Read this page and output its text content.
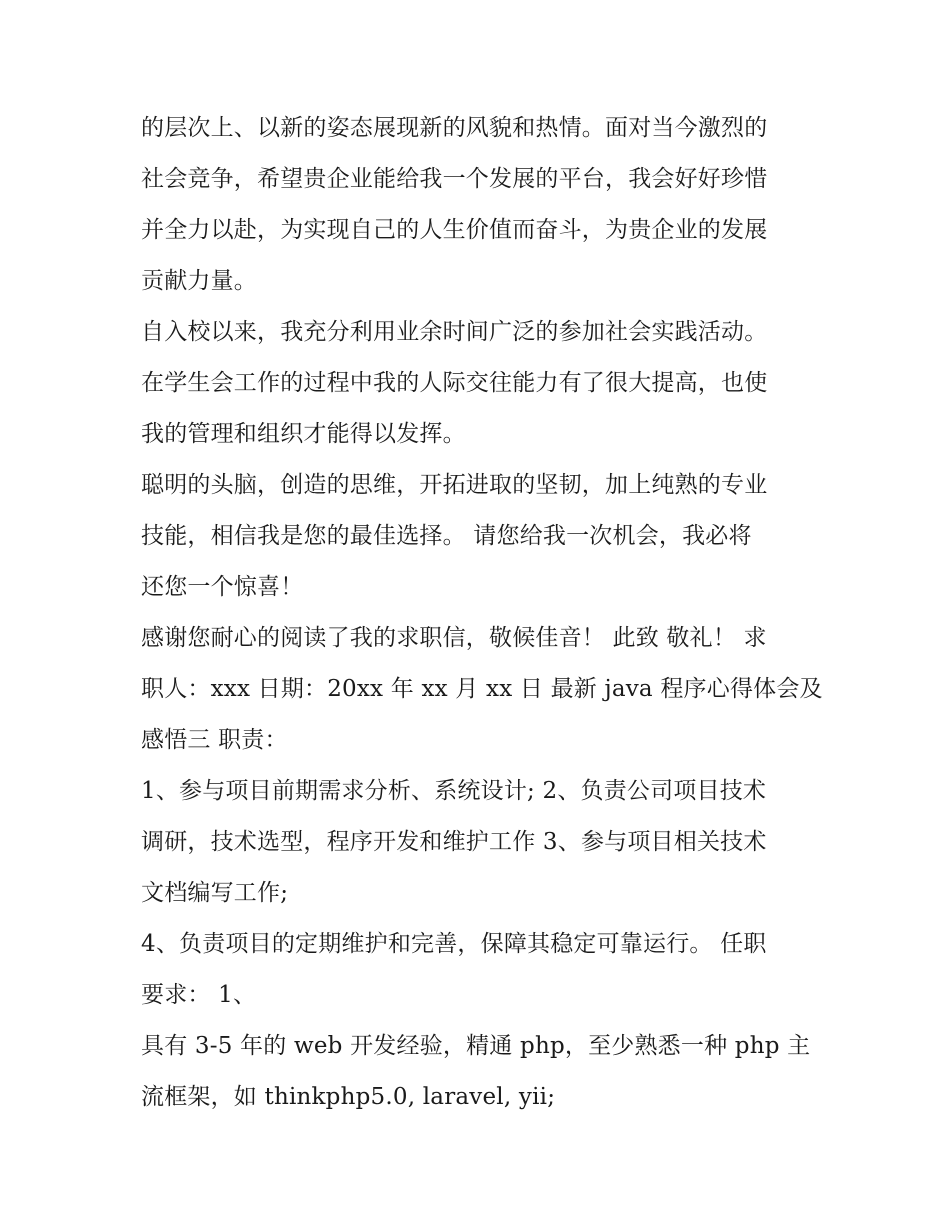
的层次上、以新的姿态展现新的风貌和热情。面对当今激烈的
社会竞争，希望贵企业能给我一个发展的平台，我会好好珍惜
并全力以赴，为实现自己的人生价值而奋斗，为贵企业的发展
贡献力量。
自入校以来，我充分利用业余时间广泛的参加社会实践活动。
在学生会工作的过程中我的人际交往能力有了很大提高，也使
我的管理和组织才能得以发挥。
聪明的头脑，创造的思维，开拓进取的坚韧，加上纯熟的专业
技能，相信我是您的最佳选择。 请您给我一次机会，我必将
还您一个惊喜！
感谢您耐心的阅读了我的求职信，敬候佳音！ 此致 敬礼！ 求
职人：xxx 日期：20xx 年 xx 月 xx 日 最新 java 程序心得体会及
感悟三 职责：
1、参与项目前期需求分析、系统设计; 2、负责公司项目技术
调研，技术选型，程序开发和维护工作 3、参与项目相关技术
文档编写工作;
4、负责项目的定期维护和完善，保障其稳定可靠运行。 任职
要求： 1、
具有 3-5 年的 web 开发经验，精通 php，至少熟悉一种 php 主
流框架，如 thinkphp5.0, laravel, yii;
